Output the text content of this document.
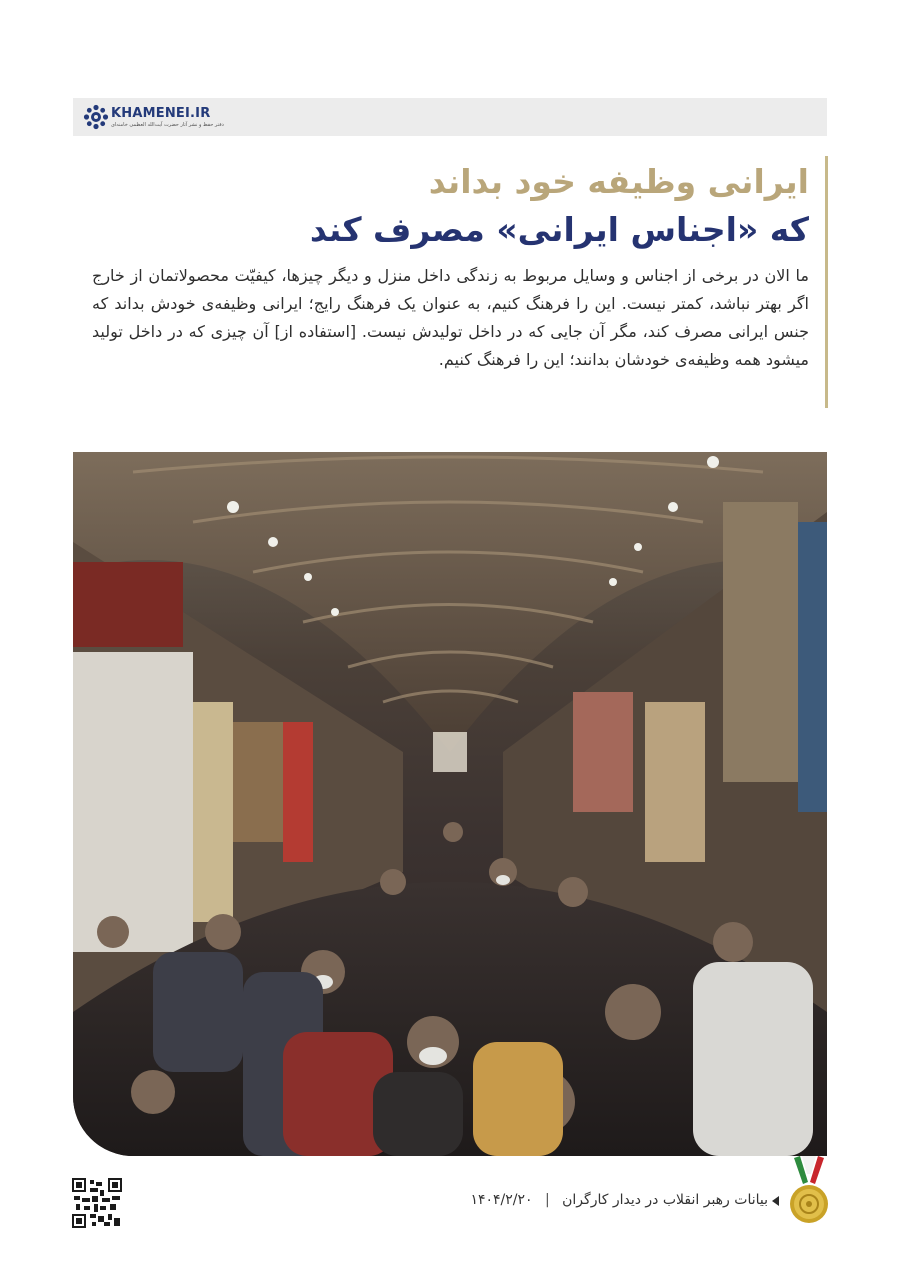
KHAMENEI.IR
دفتر حفظ و نشر آثار حضرت آیت‌الله العظمی خامنه‌ای
ایرانی وظیفه خود بداند
که «اجناس ایرانی» مصرف کند
ما الان در برخی از اجناس و وسایل مربوط به زندگی داخل منزل و دیگر چیزها، کیفیّت محصولاتمان از خارج اگر بهتر نباشد، کمتر نیست. این را فرهنگ کنیم، به عنوان یک فرهنگ رایج؛ ایرانی وظیفه‌ی خودش بداند که جنس ایرانی مصرف کند، مگر آن جایی که در داخل تولیدش نیست. [استفاده از] آن چیزی که در داخل تولید میشود همه وظیفه‌ی خودشان بدانند؛ این را فرهنگ کنیم.
بیانات رهبر انقلاب در دیدار کارگران | ۱۴۰۴/۲/۲۰
